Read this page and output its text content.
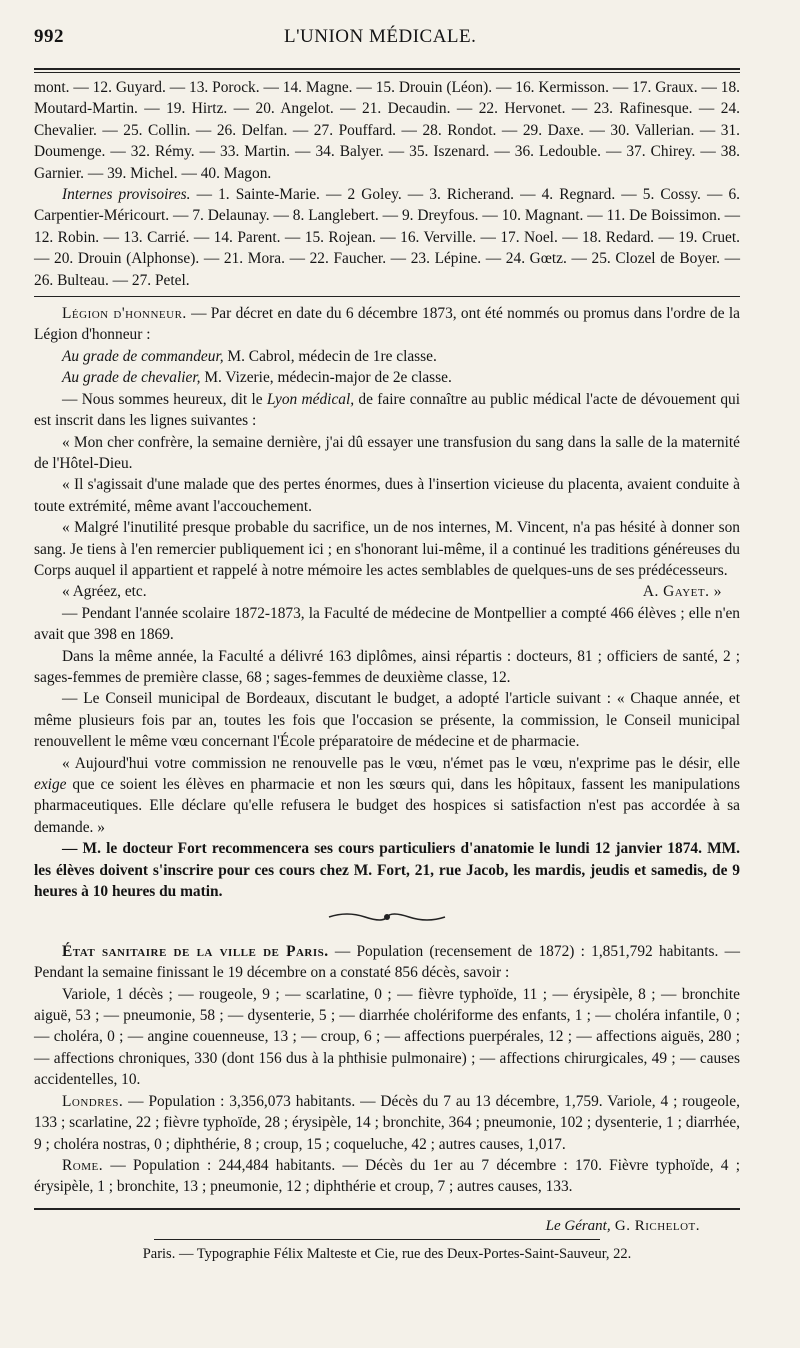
992	L'UNION MÉDICALE.

mont. — 12. Guyard. — 13. Porock. — 14. Magne. — 15. Drouin (Léon). — 16. Kermisson. — 17. Graux. — 18. Moutard-Martin. — 19. Hirtz. — 20. Angelot. — 21. Decaudin. — 22. Hervonet. — 23. Rafinesque. — 24. Chevalier. — 25. Collin. — 26. Delfan. — 27. Pouffard. — 28. Rondot. — 29. Daxe. — 30. Vallerian. — 31. Doumenge. — 32. Rémy. — 33. Martin. — 34. Balyer. — 35. Iszenard. — 36. Ledouble. — 37. Chirey. — 38. Garnier. — 39. Michel. — 40. Magon.

Internes provisoires. — 1. Sainte-Marie. — 2 Goley. — 3. Richerand. — 4. Regnard. — 5. Cossy. — 6. Carpentier-Méricourt. — 7. Delaunay. — 8. Langlebert. — 9. Dreyfous. — 10. Magnant. — 11. De Boissimon. — 12. Robin. — 13. Carrié. — 14. Parent. — 15. Rojean. — 16. Verville. — 17. Noel. — 18. Redard. — 19. Cruet. — 20. Drouin (Alphonse). — 21. Mora. — 22. Faucher. — 23. Lépine. — 24. Gœtz. — 25. Clozel de Boyer. — 26. Bulteau. — 27. Petel.

Légion d'honneur. — Par décret en date du 6 décembre 1873, ont été nommés ou promus dans l'ordre de la Légion d'honneur :

Au grade de commandeur, M. Cabrol, médecin de 1re classe.

Au grade de chevalier, M. Vizerie, médecin-major de 2e classe.

— Nous sommes heureux, dit le Lyon médical, de faire connaître au public médical l'acte de dévouement qui est inscrit dans les lignes suivantes :

« Mon cher confrère, la semaine dernière, j'ai dû essayer une transfusion du sang dans la salle de la maternité de l'Hôtel-Dieu.

« Il s'agissait d'une malade que des pertes énormes, dues à l'insertion vicieuse du placenta, avaient conduite à toute extrémité, même avant l'accouchement.

« Malgré l'inutilité presque probable du sacrifice, un de nos internes, M. Vincent, n'a pas hésité à donner son sang. Je tiens à l'en remercier publiquement ici ; en s'honorant lui-même, il a continué les traditions généreuses du Corps auquel il appartient et rappelé à notre mémoire les actes semblables de quelques-uns de ses prédécesseurs.

« Agréez, etc.	A. Gayet. »

— Pendant l'année scolaire 1872-1873, la Faculté de médecine de Montpellier a compté 466 élèves ; elle n'en avait que 398 en 1869.

Dans la même année, la Faculté a délivré 163 diplômes, ainsi répartis : docteurs, 81 ; officiers de santé, 2 ; sages-femmes de première classe, 68 ; sages-femmes de deuxième classe, 12.

— Le Conseil municipal de Bordeaux, discutant le budget, a adopté l'article suivant : « Chaque année, et même plusieurs fois par an, toutes les fois que l'occasion se présente, la commission, le Conseil municipal renouvellent le même vœu concernant l'École préparatoire de médecine et de pharmacie.

« Aujourd'hui votre commission ne renouvelle pas le vœu, n'émet pas le vœu, n'exprime pas le désir, elle exige que ce soient les élèves en pharmacie et non les sœurs qui, dans les hôpitaux, fassent les manipulations pharmaceutiques. Elle déclare qu'elle refusera le budget des hospices si satisfaction n'est pas accordée à sa demande. »

— M. le docteur Fort recommencera ses cours particuliers d'anatomie le lundi 12 janvier 1874. MM. les élèves doivent s'inscrire pour ces cours chez M. Fort, 21, rue Jacob, les mardis, jeudis et samedis, de 9 heures à 10 heures du matin.

État sanitaire de la ville de Paris. — Population (recensement de 1872) : 1,851,792 habitants. — Pendant la semaine finissant le 19 décembre on a constaté 856 décès, savoir :

Variole, 1 décès ; — rougeole, 9 ; — scarlatine, 0 ; — fièvre typhoïde, 11 ; — érysipèle, 8 ; — bronchite aiguë, 53 ; — pneumonie, 58 ; — dysenterie, 5 ; — diarrhée cholériforme des enfants, 1 ; — choléra infantile, 0 ; — choléra, 0 ; — angine couenneuse, 13 ; — croup, 6 ; — affections puerpérales, 12 ; — affections aiguës, 280 ; — affections chroniques, 330 (dont 156 dus à la phthisie pulmonaire) ; — affections chirurgicales, 49 ; — causes accidentelles, 10.

Londres. — Population : 3,356,073 habitants. — Décès du 7 au 13 décembre, 1,759. Variole, 4 ; rougeole, 133 ; scarlatine, 22 ; fièvre typhoïde, 28 ; érysipèle, 14 ; bronchite, 364 ; pneumonie, 102 ; dysenterie, 1 ; diarrhée, 9 ; choléra nostras, 0 ; diphthérie, 8 ; croup, 15 ; coqueluche, 42 ; autres causes, 1,017.

Rome. — Population : 244,484 habitants. — Décès du 1er au 7 décembre : 170. Fièvre typhoïde, 4 ; érysipèle, 1 ; bronchite, 13 ; pneumonie, 12 ; diphthérie et croup, 7 ; autres causes, 133.

Le Gérant, G. Richelot.
Paris. — Typographie Félix Malteste et Cie, rue des Deux-Portes-Saint-Sauveur, 22.
